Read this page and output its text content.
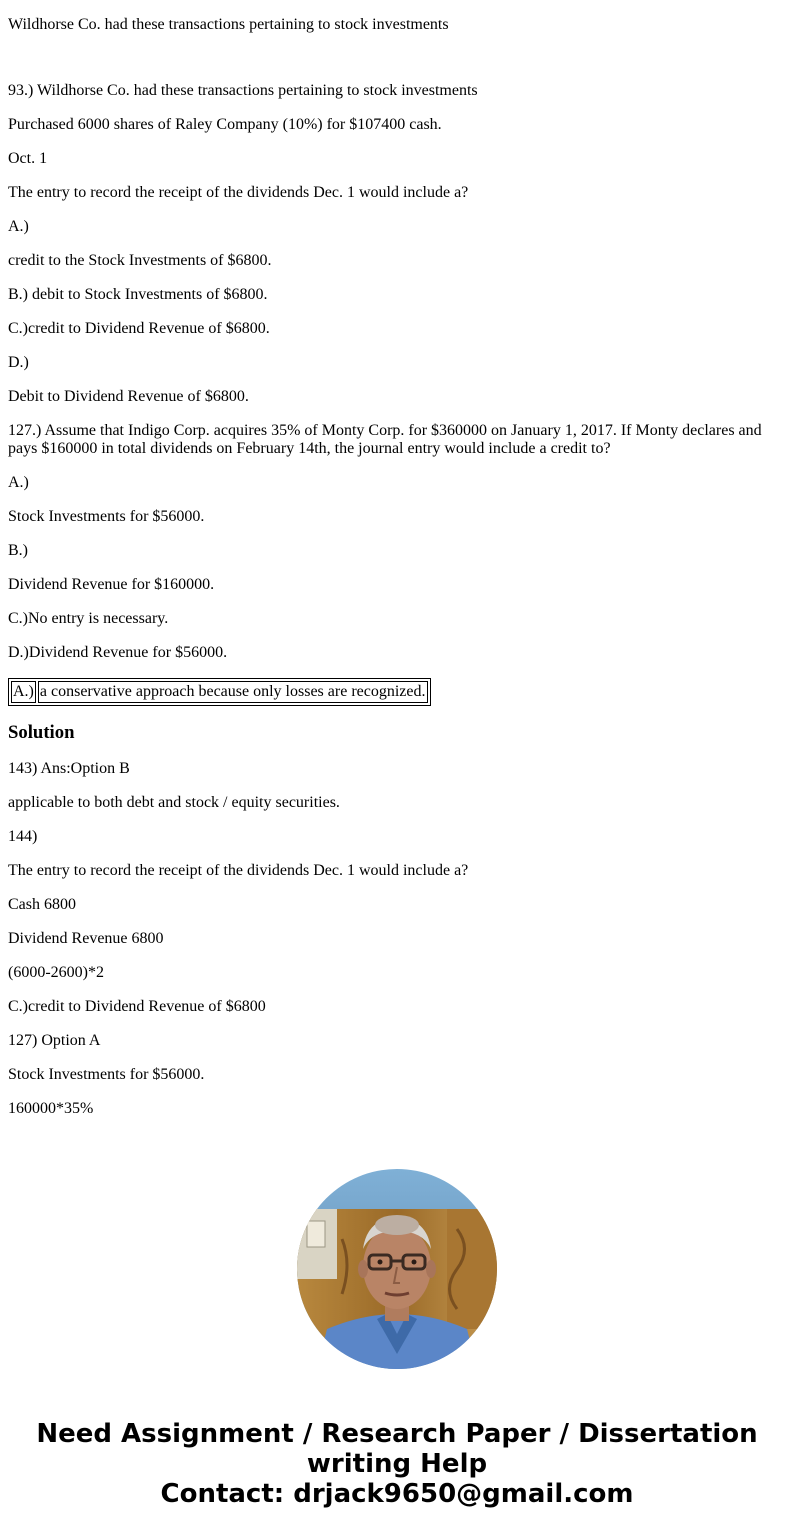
Wildhorse Co. had these transactions pertaining to stock investments

93.) Wildhorse Co. had these transactions pertaining to stock investments

Purchased 6000 shares of Raley Company (10%) for $107400 cash.

Oct. 1

The entry to record the receipt of the dividends Dec. 1 would include a?

A.)

credit to the Stock Investments of $6800.

B.) debit to Stock Investments of $6800.

C.)credit to Dividend Revenue of $6800.

D.)

Debit to Dividend Revenue of $6800.

127.) Assume that Indigo Corp. acquires 35% of Monty Corp. for $360000 on January 1, 2017. If Monty declares and pays $160000 in total dividends on February 14th, the journal entry would include a credit to?

A.)

Stock Investments for $56000.

B.)

Dividend Revenue for $160000.

C.)No entry is necessary.

D.)Dividend Revenue for $56000.

A.)	a conservative approach because only losses are recognized.
Solution

143) Ans:Option B

applicable to both debt and stock / equity securities.

144)

The entry to record the receipt of the dividends Dec. 1 would include a?

Cash 6800

Dividend Revenue 6800

(6000-2600)*2

C.)credit to Dividend Revenue of $6800

127) Option A

Stock Investments for $56000.

160000*35%

Need Assignment / Research Paper / Dissertation
writing Help
Contact: drjack9650@gmail.com
